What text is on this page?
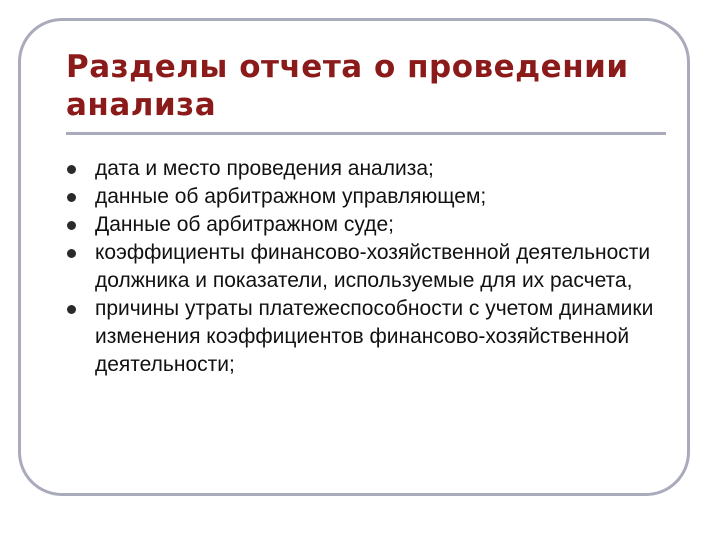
Разделы отчета о проведении
анализа
дата и место проведения анализа;
данные об арбитражном управляющем;
Данные об арбитражном суде;
коэффициенты финансово-хозяйственной деятельности должника и показатели, используемые для их расчета,
причины утраты платежеспособности с учетом динамики изменения коэффициентов финансово-хозяйственной деятельности;
